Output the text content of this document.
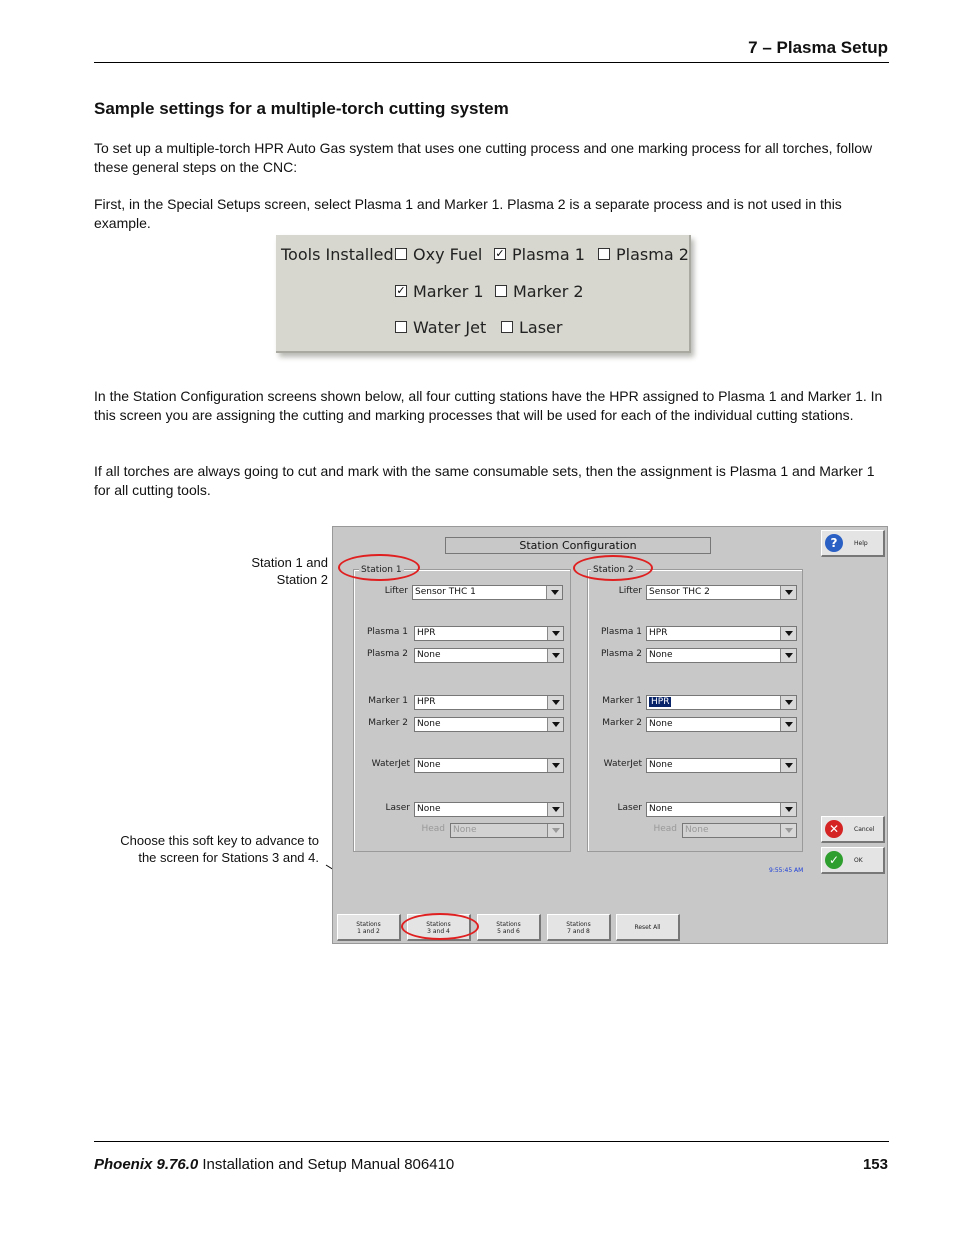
7 – Plasma Setup
Sample settings for a multiple-torch cutting system
To set up a multiple-torch HPR Auto Gas system that uses one cutting process and one marking process for all torches, follow these general steps on the CNC:
First, in the Special Setups screen, select Plasma 1 and Marker 1. Plasma 2 is a separate process and is not used in this example.
Tools Installed Oxy Fuel ✓ Plasma 1 Plasma 2
✓ Marker 1 Marker 2
Water Jet Laser
In the Station Configuration screens shown below, all four cutting stations have the HPR assigned to Plasma 1 and Marker 1. In this screen you are assigning the cutting and marking processes that will be used for each of the individual cutting stations.
If all torches are always going to cut and mark with the same consumable sets, then the assignment is Plasma 1 and Marker 1 for all cutting tools.
Station 1 and
Station 2
Choose this soft key to advance to
the screen for Stations 3 and 4.
Station Configuration
Station 1
Lifter Sensor THC 1
Plasma 1	HPR
Plasma 2	None
Marker 1	HPR
Marker 2	None
WaterJet None
Laser None
Head None
Station 2
Lifter Sensor THC 2
Plasma 1 HPR
Plasma 2 None
Marker 1	HPR
Marker 2 None
WaterJet None
Laser None
Head None
?	Help
✕	Cancel
✓	OK
9:55:45 AM
Stations
1 and 2
Stations
3 and 4
Stations
5 and 6
Stations
7 and 8
Reset All
Phoenix 9.76.0 Installation and Setup Manual 806410	153
